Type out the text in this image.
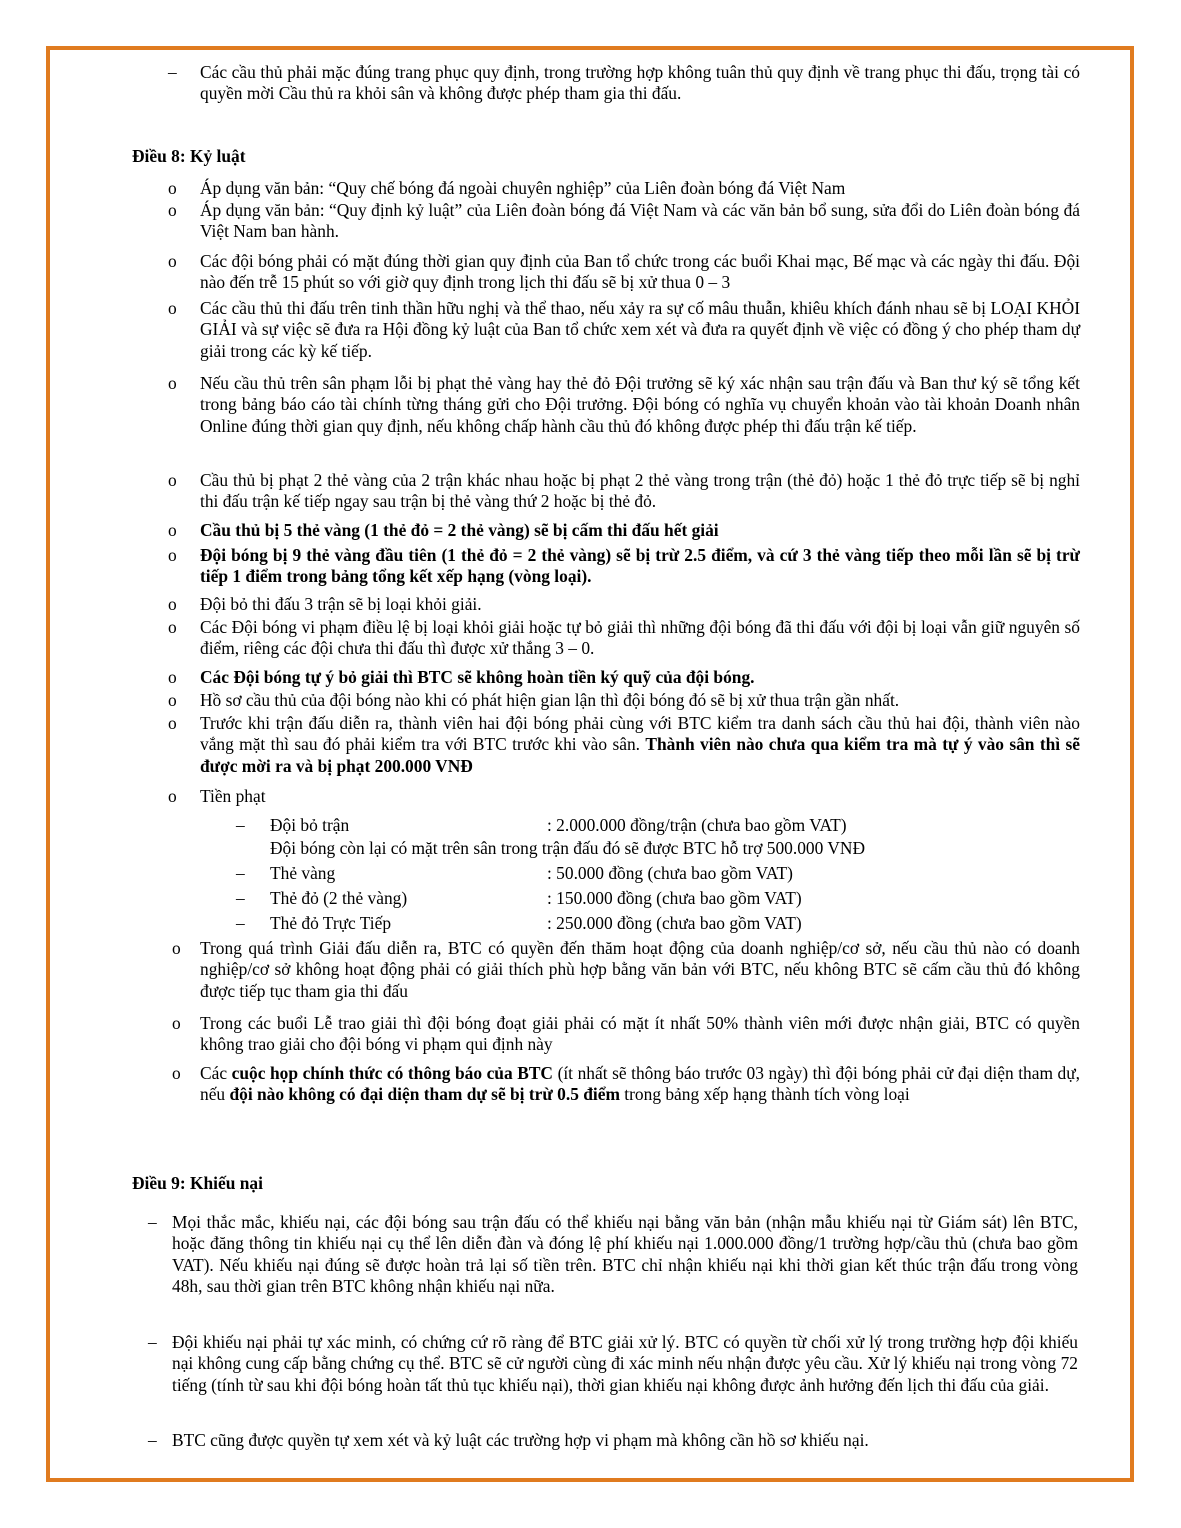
– Các cầu thủ phải mặc đúng trang phục quy định, trong trường hợp không tuân thủ quy định về trang phục thi đấu, trọng tài có quyền mời Cầu thủ ra khỏi sân và không được phép tham gia thi đấu.
Điều 8: Kỷ luật
o Áp dụng văn bản: “Quy chế bóng đá ngoài chuyên nghiệp” của Liên đoàn bóng đá Việt Nam
o Áp dụng văn bản: “Quy định kỷ luật” của Liên đoàn bóng đá Việt Nam và các văn bản bổ sung, sửa đổi do Liên đoàn bóng đá Việt Nam ban hành.
o Các đội bóng phải có mặt đúng thời gian quy định của Ban tổ chức trong các buổi Khai mạc, Bế mạc và các ngày thi đấu. Đội nào đến trễ 15 phút so với giờ quy định trong lịch thi đấu sẽ bị xử thua 0 – 3
o Các cầu thủ thi đấu trên tinh thần hữu nghị và thể thao, nếu xảy ra sự cố mâu thuẫn, khiêu khích đánh nhau sẽ bị LOẠI KHỎI GIẢI và sự việc sẽ đưa ra Hội đồng kỷ luật của Ban tổ chức xem xét và đưa ra quyết định về việc có đồng ý cho phép tham dự giải trong các kỳ kế tiếp.
o Nếu cầu thủ trên sân phạm lỗi bị phạt thẻ vàng hay thẻ đỏ Đội trưởng sẽ ký xác nhận sau trận đấu và Ban thư ký sẽ tổng kết trong bảng báo cáo tài chính từng tháng gửi cho Đội trưởng. Đội bóng có nghĩa vụ chuyển khoản vào tài khoản Doanh nhân Online đúng thời gian quy định, nếu không chấp hành cầu thủ đó không được phép thi đấu trận kế tiếp.
o Cầu thủ bị phạt 2 thẻ vàng của 2 trận khác nhau hoặc bị phạt 2 thẻ vàng trong trận (thẻ đỏ) hoặc 1 thẻ đỏ trực tiếp sẽ bị nghỉ thi đấu trận kế tiếp ngay sau trận bị thẻ vàng thứ 2 hoặc bị thẻ đỏ.
o Cầu thủ bị 5 thẻ vàng (1 thẻ đỏ = 2 thẻ vàng) sẽ bị cấm thi đấu hết giải
o Đội bóng bị 9 thẻ vàng đầu tiên (1 thẻ đỏ = 2 thẻ vàng) sẽ bị trừ 2.5 điểm, và cứ 3 thẻ vàng tiếp theo mỗi lần sẽ bị trừ tiếp 1 điểm trong bảng tổng kết xếp hạng (vòng loại).
o Đội bỏ thi đấu 3 trận sẽ bị loại khỏi giải.
o Các Đội bóng vi phạm điều lệ bị loại khỏi giải hoặc tự bỏ giải thì những đội bóng đã thi đấu với đội bị loại vẫn giữ nguyên số điểm, riêng các đội chưa thi đấu thì được xử thắng 3 – 0.
o Các Đội bóng tự ý bỏ giải thì BTC sẽ không hoàn tiền ký quỹ của đội bóng.
o Hồ sơ cầu thủ của đội bóng nào khi có phát hiện gian lận thì đội bóng đó sẽ bị xử thua trận gần nhất.
o Trước khi trận đấu diễn ra, thành viên hai đội bóng phải cùng với BTC kiểm tra danh sách cầu thủ hai đội, thành viên nào vắng mặt thì sau đó phải kiểm tra với BTC trước khi vào sân. Thành viên nào chưa qua kiểm tra mà tự ý vào sân thì sẽ được mời ra và bị phạt 200.000 VNĐ
o Tiền phạt
– Đội bỏ trận	: 2.000.000 đồng/trận (chưa bao gồm VAT)
Đội bóng còn lại có mặt trên sân trong trận đấu đó sẽ được BTC hỗ trợ 500.000 VNĐ
– Thẻ vàng	: 50.000 đồng (chưa bao gồm VAT)
– Thẻ đỏ (2 thẻ vàng)	: 150.000 đồng (chưa bao gồm VAT)
– Thẻ đỏ Trực Tiếp	: 250.000 đồng (chưa bao gồm VAT)
o Trong quá trình Giải đấu diễn ra, BTC có quyền đến thăm hoạt động của doanh nghiệp/cơ sở, nếu cầu thủ nào có doanh nghiệp/cơ sở không hoạt động phải có giải thích phù hợp bằng văn bản với BTC, nếu không BTC sẽ cấm cầu thủ đó không được tiếp tục tham gia thi đấu
o Trong các buổi Lễ trao giải thì đội bóng đoạt giải phải có mặt ít nhất 50% thành viên mới được nhận giải, BTC có quyền không trao giải cho đội bóng vi phạm qui định này
o Các cuộc họp chính thức có thông báo của BTC (ít nhất sẽ thông báo trước 03 ngày) thì đội bóng phải cử đại diện tham dự, nếu đội nào không có đại diện tham dự sẽ bị trừ 0.5 điểm trong bảng xếp hạng thành tích vòng loại
Điều 9: Khiếu nại
– Mọi thắc mắc, khiếu nại, các đội bóng sau trận đấu có thể khiếu nại bằng văn bản (nhận mẫu khiếu nại từ Giám sát) lên BTC, hoặc đăng thông tin khiếu nại cụ thể lên diễn đàn và đóng lệ phí khiếu nại 1.000.000 đồng/1 trường hợp/cầu thủ (chưa bao gồm VAT). Nếu khiếu nại đúng sẽ được hoàn trả lại số tiền trên. BTC chỉ nhận khiếu nại khi thời gian kết thúc trận đấu trong vòng 48h, sau thời gian trên BTC không nhận khiếu nại nữa.
– Đội khiếu nại phải tự xác minh, có chứng cứ rõ ràng để BTC giải xử lý. BTC có quyền từ chối xử lý trong trường hợp đội khiếu nại không cung cấp bằng chứng cụ thể. BTC sẽ cử người cùng đi xác minh nếu nhận được yêu cầu. Xử lý khiếu nại trong vòng 72 tiếng (tính từ sau khi đội bóng hoàn tất thủ tục khiếu nại), thời gian khiếu nại không được ảnh hưởng đến lịch thi đấu của giải.
– BTC cũng được quyền tự xem xét và kỷ luật các trường hợp vi phạm mà không cần hồ sơ khiếu nại.
